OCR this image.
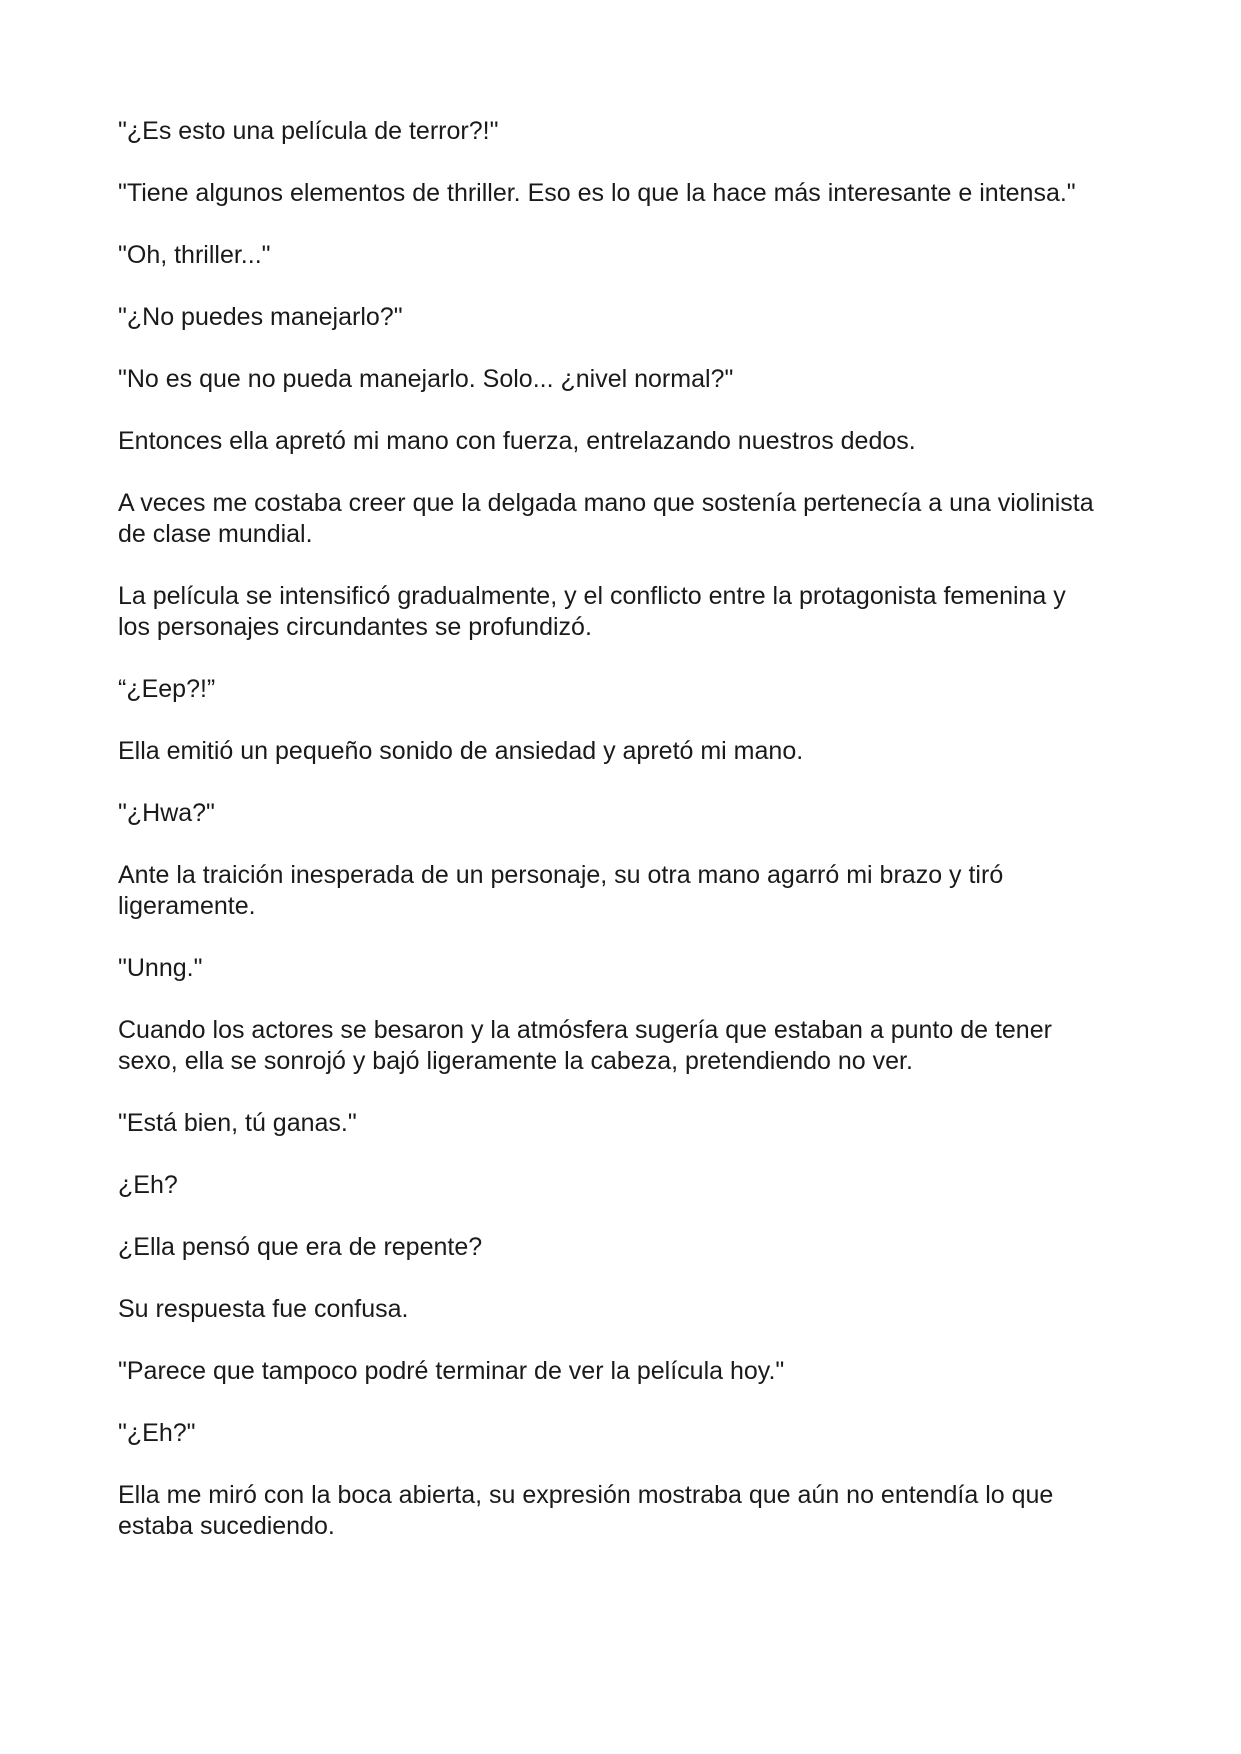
"¿Es esto una película de terror?!"

"Tiene algunos elementos de thriller. Eso es lo que la hace más interesante e intensa."

"Oh, thriller..."

"¿No puedes manejarlo?"

"No es que no pueda manejarlo. Solo... ¿nivel normal?"

Entonces ella apretó mi mano con fuerza, entrelazando nuestros dedos.

A veces me costaba creer que la delgada mano que sostenía pertenecía a una violinista de clase mundial.

La película se intensificó gradualmente, y el conflicto entre la protagonista femenina y los personajes circundantes se profundizó.

“¿Eep?!”

Ella emitió un pequeño sonido de ansiedad y apretó mi mano.

"¿Hwa?"

Ante la traición inesperada de un personaje, su otra mano agarró mi brazo y tiró ligeramente.

"Unng."

Cuando los actores se besaron y la atmósfera sugería que estaban a punto de tener sexo, ella se sonrojó y bajó ligeramente la cabeza, pretendiendo no ver.

"Está bien, tú ganas."

¿Eh?

¿Ella pensó que era de repente?

Su respuesta fue confusa.

"Parece que tampoco podré terminar de ver la película hoy."

"¿Eh?"

Ella me miró con la boca abierta, su expresión mostraba que aún no entendía lo que estaba sucediendo.
